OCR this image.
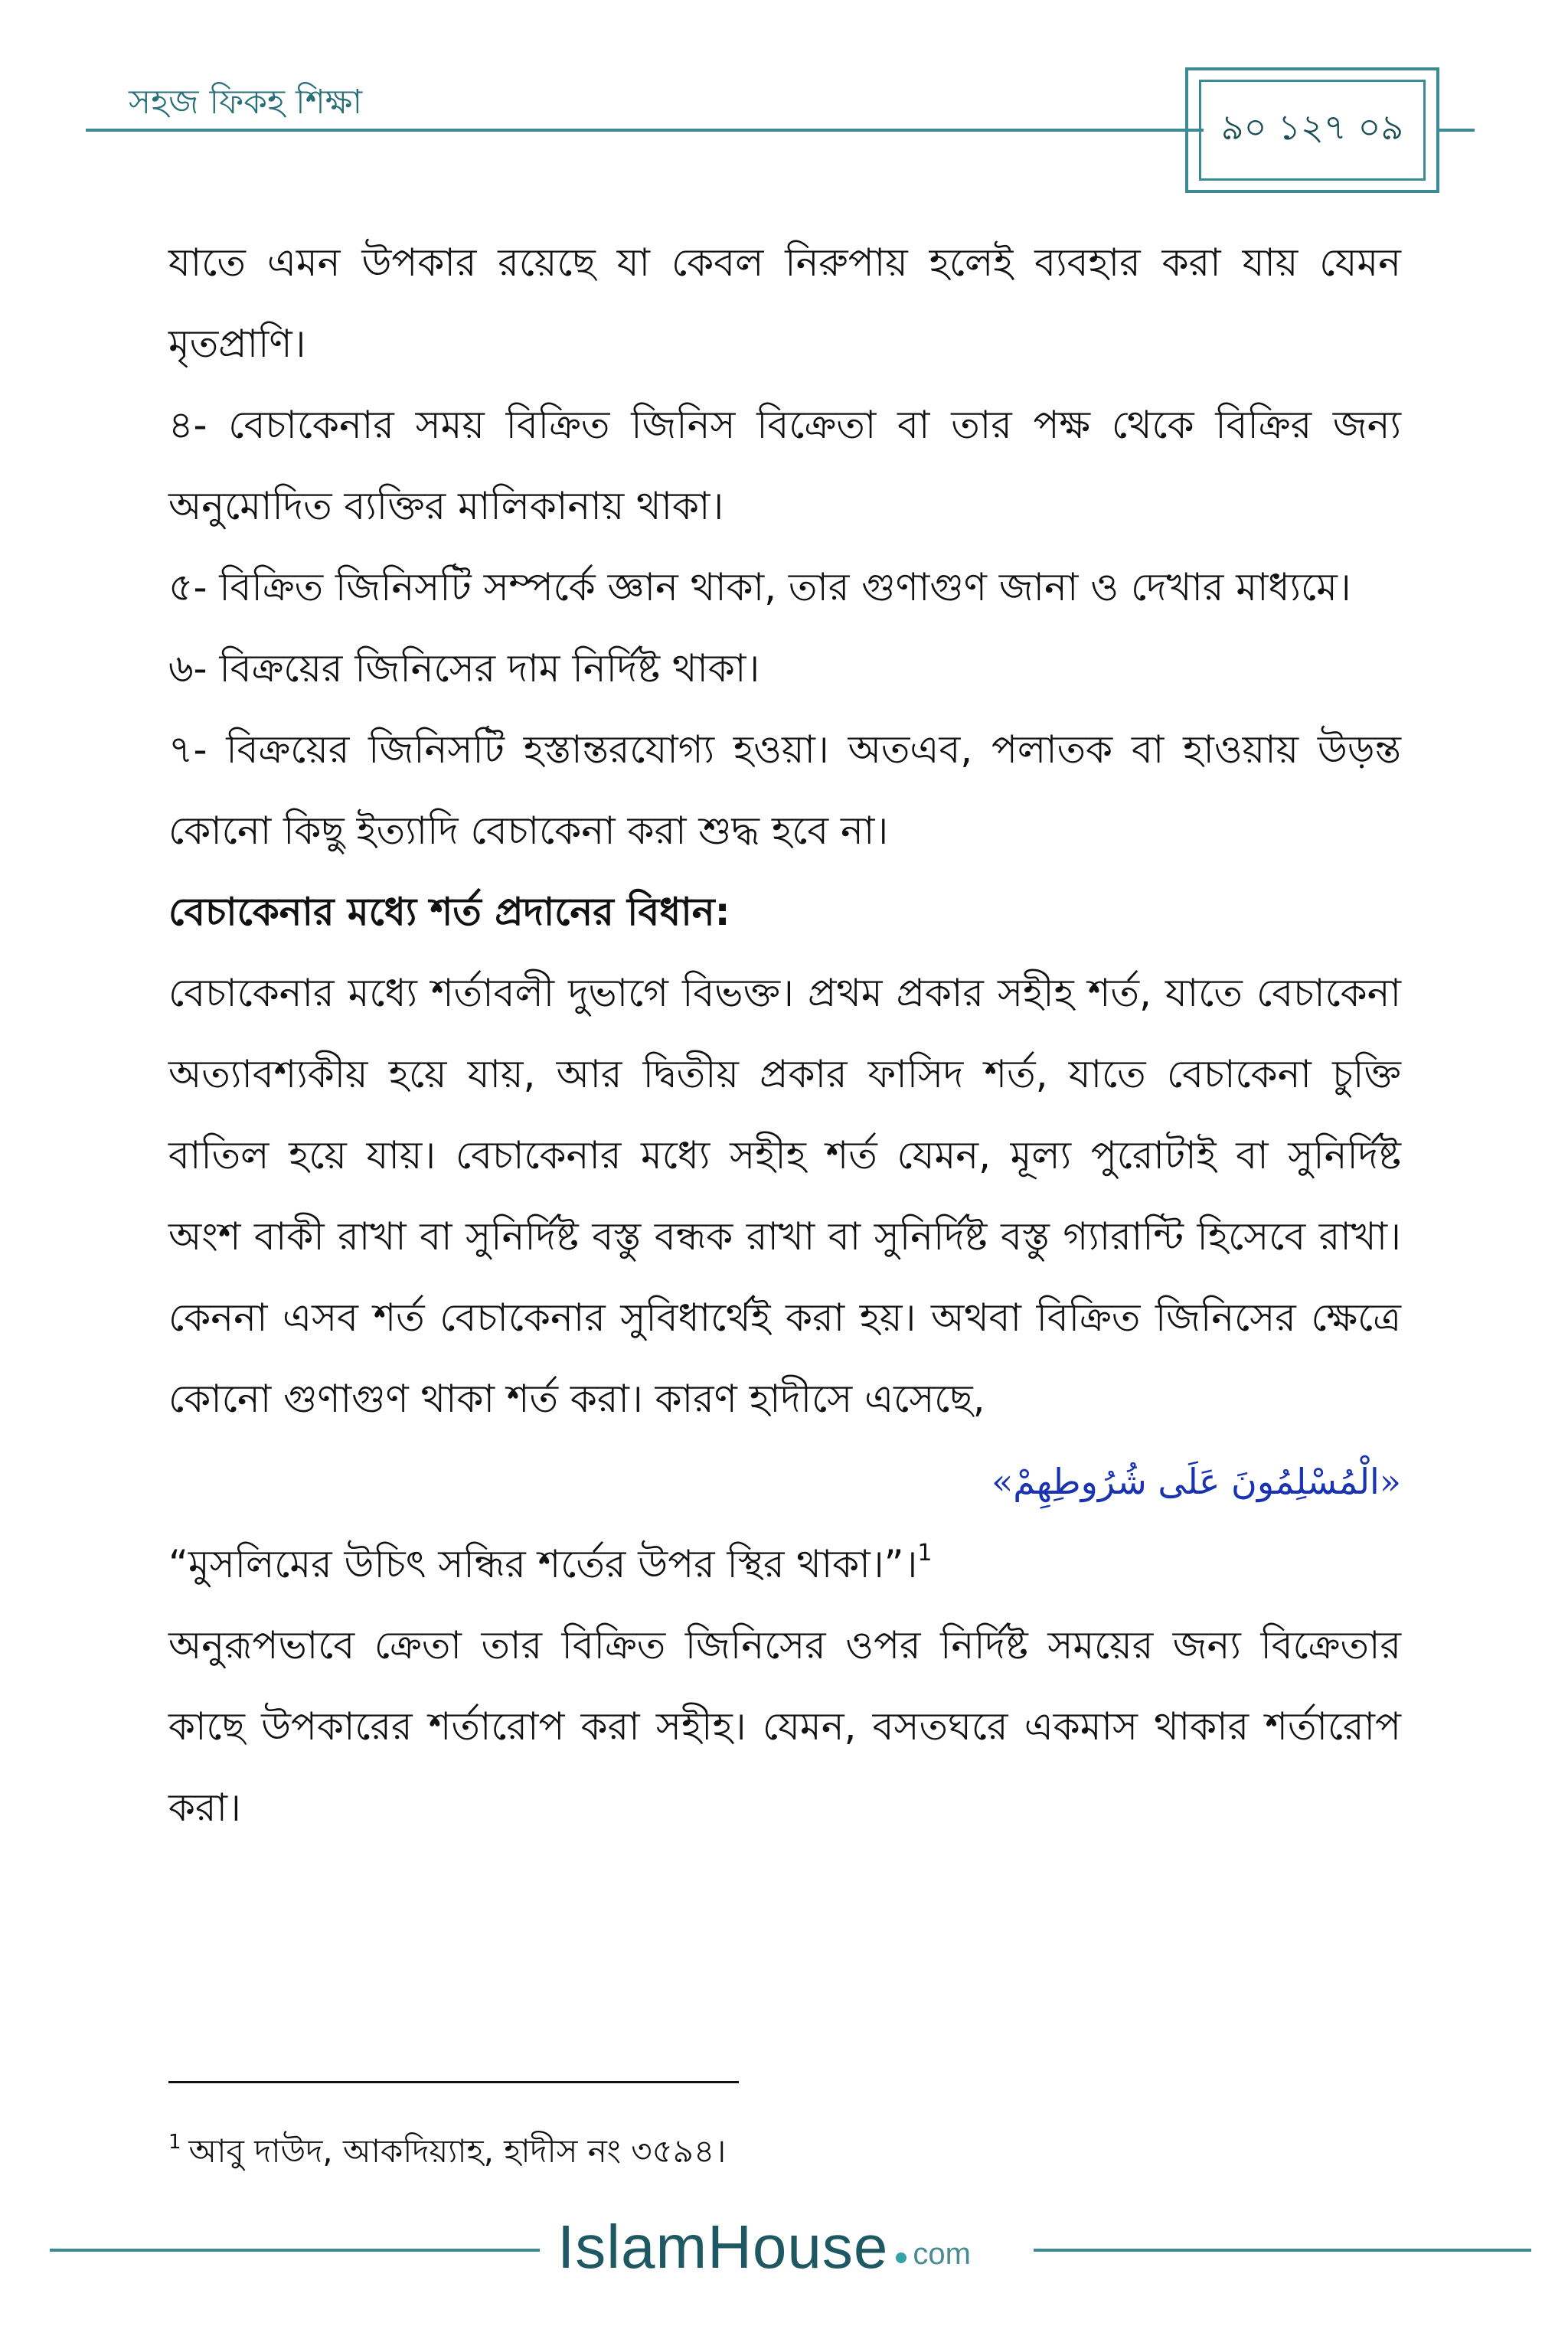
সহজ ফিকহ শিক্ষা
৯০ ১২৭ ০৯

যাতে এমন উপকার রয়েছে যা কেবল নিরুপায় হলেই ব্যবহার করা যায় যেমন মৃতপ্রাণি।

৪- বেচাকেনার সময় বিক্রিত জিনিস বিক্রেতা বা তার পক্ষ থেকে বিক্রির জন্য অনুমোদিত ব্যক্তির মালিকানায় থাকা।

৫- বিক্রিত জিনিসটি সম্পর্কে জ্ঞান থাকা, তার গুণাগুণ জানা ও দেখার মাধ্যমে।

৬- বিক্রয়ের জিনিসের দাম নির্দিষ্ট থাকা।

৭- বিক্রয়ের জিনিসটি হস্তান্তরযোগ্য হওয়া। অতএব, পলাতক বা হাওয়ায় উড়ন্ত কোনো কিছু ইত্যাদি বেচাকেনা করা শুদ্ধ হবে না।

বেচাকেনার মধ্যে শর্ত প্রদানের বিধান:

বেচাকেনার মধ্যে শর্তাবলী দুভাগে বিভক্ত। প্রথম প্রকার সহীহ শর্ত, যাতে বেচাকেনা অত্যাবশ্যকীয় হয়ে যায়, আর দ্বিতীয় প্রকার ফাসিদ শর্ত, যাতে বেচাকেনা চুক্তি বাতিল হয়ে যায়। বেচাকেনার মধ্যে সহীহ শর্ত যেমন, মূল্য পুরোটাই বা সুনির্দিষ্ট অংশ বাকী রাখা বা সুনির্দিষ্ট বস্তু বন্ধক রাখা বা সুনির্দিষ্ট বস্তু গ্যারান্টি হিসেবে রাখা। কেননা এসব শর্ত বেচাকেনার সুবিধার্থেই করা হয়। অথবা বিক্রিত জিনিসের ক্ষেত্রে কোনো গুণাগুণ থাকা শর্ত করা। কারণ হাদীসে এসেছে,

«الْمُسْلِمُونَ عَلَى شُرُوطِهِمْ»

“মুসলিমের উচিৎ সন্ধির শর্তের উপর স্থির থাকা।”।$^1$

অনুরূপভাবে ক্রেতা তার বিক্রিত জিনিসের ওপর নির্দিষ্ট সময়ের জন্য বিক্রেতার কাছে উপকারের শর্তারোপ করা সহীহ। যেমন, বসতঘরে একমাস থাকার শর্তারোপ করা।

$^1$ আবু দাউদ, আকদিয়্যাহ, হাদীস নং ৩৫৯৪।
IslamHouse com
